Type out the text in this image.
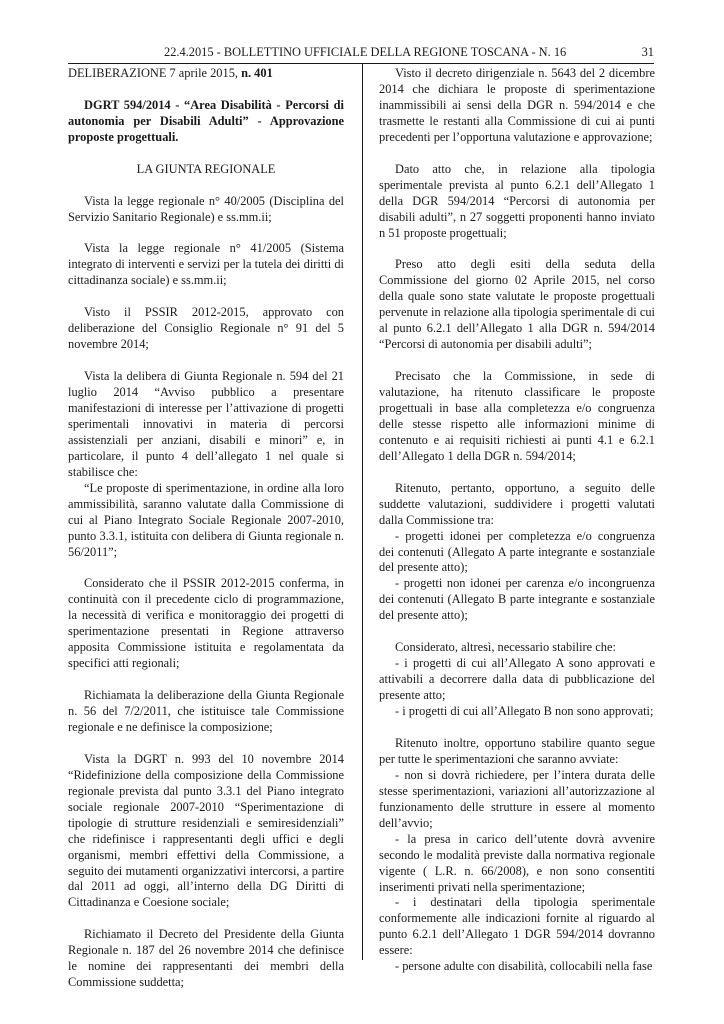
22.4.2015 - BOLLETTINO UFFICIALE DELLA REGIONE TOSCANA - N. 16	31

DELIBERAZIONE 7 aprile 2015, n. 401

DGRT 594/2014 - “Area Disabilità - Percorsi di autonomia per Disabili Adulti” - Approvazione proposte progettuali.

LA GIUNTA REGIONALE

Vista la legge regionale n° 40/2005 (Disciplina del Servizio Sanitario Regionale) e ss.mm.ii;

Vista la legge regionale n° 41/2005 (Sistema integrato di interventi e servizi per la tutela dei diritti di cittadinanza sociale) e ss.mm.ii;

Visto il PSSIR 2012-2015, approvato con deliberazione del Consiglio Regionale n° 91 del 5 novembre 2014;

Vista la delibera di Giunta Regionale n. 594 del 21 luglio 2014 “Avviso pubblico a presentare manifestazioni di interesse per l’attivazione di progetti sperimentali innovativi in materia di percorsi assistenziali per anziani, disabili e minori” e, in particolare, il punto 4 dell’allegato 1 nel quale si stabilisce che:

“Le proposte di sperimentazione, in ordine alla loro ammissibilità, saranno valutate dalla Commissione di cui al Piano Integrato Sociale Regionale 2007-2010, punto 3.3.1, istituita con delibera di Giunta regionale n. 56/2011”;

Considerato che il PSSIR 2012-2015 conferma, in continuità con il precedente ciclo di programmazione, la necessità di verifica e monitoraggio dei progetti di sperimentazione presentati in Regione attraverso apposita Commissione istituita e regolamentata da specifici atti regionali;

Richiamata la deliberazione della Giunta Regionale n. 56 del 7/2/2011, che istituisce tale Commissione regionale e ne definisce la composizione;

Vista la DGRT n. 993 del 10 novembre 2014 “Ridefinizione della composizione della Commissione regionale prevista dal punto 3.3.1 del Piano integrato sociale regionale 2007-2010 “Sperimentazione di tipologie di strutture residenziali e semiresidenziali” che ridefinisce i rappresentanti degli uffici e degli organismi, membri effettivi della Commissione, a seguito dei mutamenti organizzativi intercorsi, a partire dal 2011 ad oggi, all’interno della DG Diritti di Cittadinanza e Coesione sociale;

Richiamato il Decreto del Presidente della Giunta Regionale n. 187 del 26 novembre 2014 che definisce le nomine dei rappresentanti dei membri della Commissione suddetta;

Visto il decreto dirigenziale n. 5643 del 2 dicembre 2014 che dichiara le proposte di sperimentazione inammissibili ai sensi della DGR n. 594/2014 e che trasmette le restanti alla Commissione di cui ai punti precedenti per l’opportuna valutazione e approvazione;

Dato atto che, in relazione alla tipologia sperimentale prevista al punto 6.2.1 dell’Allegato 1 della DGR 594/2014 “Percorsi di autonomia per disabili adulti”, n 27 soggetti proponenti hanno inviato n 51 proposte progettuali;

Preso atto degli esiti della seduta della Commissione del giorno 02 Aprile 2015, nel corso della quale sono state valutate le proposte progettuali pervenute in relazione alla tipologia sperimentale di cui al punto 6.2.1 dell’Allegato 1 alla DGR n. 594/2014 “Percorsi di autonomia per disabili adulti”;

Precisato che la Commissione, in sede di valutazione, ha ritenuto classificare le proposte progettuali in base alla completezza e/o congruenza delle stesse rispetto alle informazioni minime di contenuto e ai requisiti richiesti ai punti 4.1 e 6.2.1 dell’Allegato 1 della DGR n. 594/2014;

Ritenuto, pertanto, opportuno, a seguito delle suddette valutazioni, suddividere i progetti valutati dalla Commissione tra:

- progetti idonei per completezza e/o congruenza dei contenuti (Allegato A parte integrante e sostanziale del presente atto);

- progetti non idonei per carenza e/o incongruenza dei contenuti (Allegato B parte integrante e sostanziale del presente atto);

Considerato, altresì, necessario stabilire che:

- i progetti di cui all’Allegato A sono approvati e attivabili a decorrere dalla data di pubblicazione del presente atto;

- i progetti di cui all’Allegato B non sono approvati;

Ritenuto inoltre, opportuno stabilire quanto segue per tutte le sperimentazioni che saranno avviate:

- non si dovrà richiedere, per l’intera durata delle stesse sperimentazioni, variazioni all’autorizzazione al funzionamento delle strutture in essere al momento dell’avvio;

- la presa in carico dell’utente dovrà avvenire secondo le modalità previste dalla normativa regionale vigente ( L.R. n. 66/2008), e non sono consentiti inserimenti privati nella sperimentazione;

- i destinatari della tipologia sperimentale conformemente alle indicazioni fornite al riguardo al punto 6.2.1 dell’Allegato 1 DGR 594/2014 dovranno essere:

- persone adulte con disabilità, collocabili nella fase
